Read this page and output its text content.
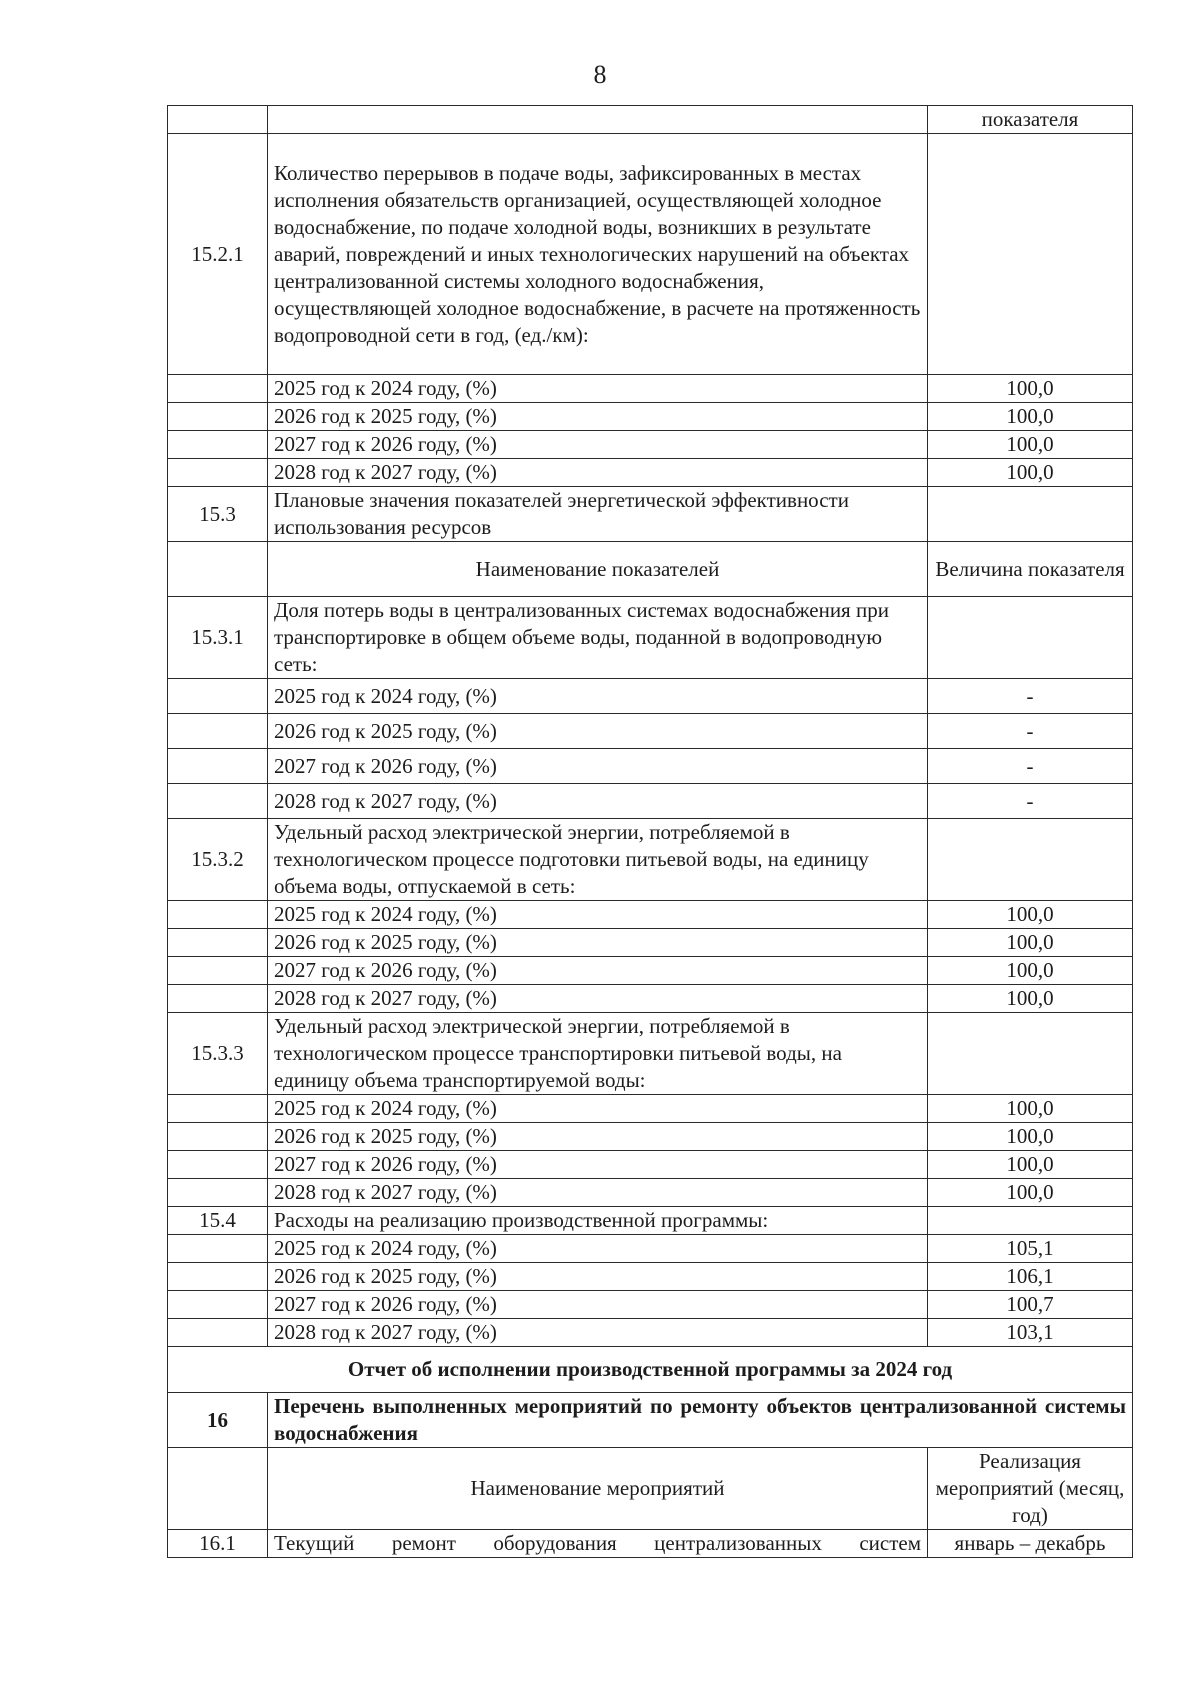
8
		показателя
15.2.1	Количество перерывов в подаче воды, зафиксированных в местах исполнения обязательств организацией, осуществляющей холодное водоснабжение, по подаче холодной воды, возникших в результате аварий, повреждений и иных технологических нарушений на объектах централизованной системы холодного водоснабжения, осуществляющей холодное водоснабжение, в расчете на протяженность водопроводной сети в год, (ед./км):	
	2025 год к 2024 году, (%)	100,0
	2026 год к 2025 году, (%)	100,0
	2027 год к 2026 году, (%)	100,0
	2028 год к 2027 году, (%)	100,0
15.3	Плановые значения показателей энергетической эффективности использования ресурсов	
	Наименование показателей	Величина показателя
15.3.1	Доля потерь воды в централизованных системах водоснабжения при транспортировке в общем объеме воды, поданной в водопроводную сеть:	
	2025 год к 2024 году, (%)	-
	2026 год к 2025 году, (%)	-
	2027 год к 2026 году, (%)	-
	2028 год к 2027 году, (%)	-
15.3.2	Удельный расход электрической энергии, потребляемой в технологическом процессе подготовки питьевой воды, на единицу объема воды, отпускаемой в сеть:	
	2025 год к 2024 году, (%)	100,0
	2026 год к 2025 году, (%)	100,0
	2027 год к 2026 году, (%)	100,0
	2028 год к 2027 году, (%)	100,0
15.3.3	Удельный расход электрической энергии, потребляемой в технологическом процессе транспортировки питьевой воды, на единицу объема транспортируемой воды:	
	2025 год к 2024 году, (%)	100,0
	2026 год к 2025 году, (%)	100,0
	2027 год к 2026 году, (%)	100,0
	2028 год к 2027 году, (%)	100,0
15.4	Расходы на реализацию производственной программы:	
	2025 год к 2024 году, (%)	105,1
	2026 год к 2025 году, (%)	106,1
	2027 год к 2026 году, (%)	100,7
	2028 год к 2027 году, (%)	103,1
Отчет об исполнении производственной программы за 2024 год		
16	Перечень выполненных мероприятий по ремонту объектов централизованной системы водоснабжения	
	Наименование мероприятий	Реализация мероприятий (месяц, год)
16.1	Текущий ремонт оборудования централизованных систем	январь – декабрь
